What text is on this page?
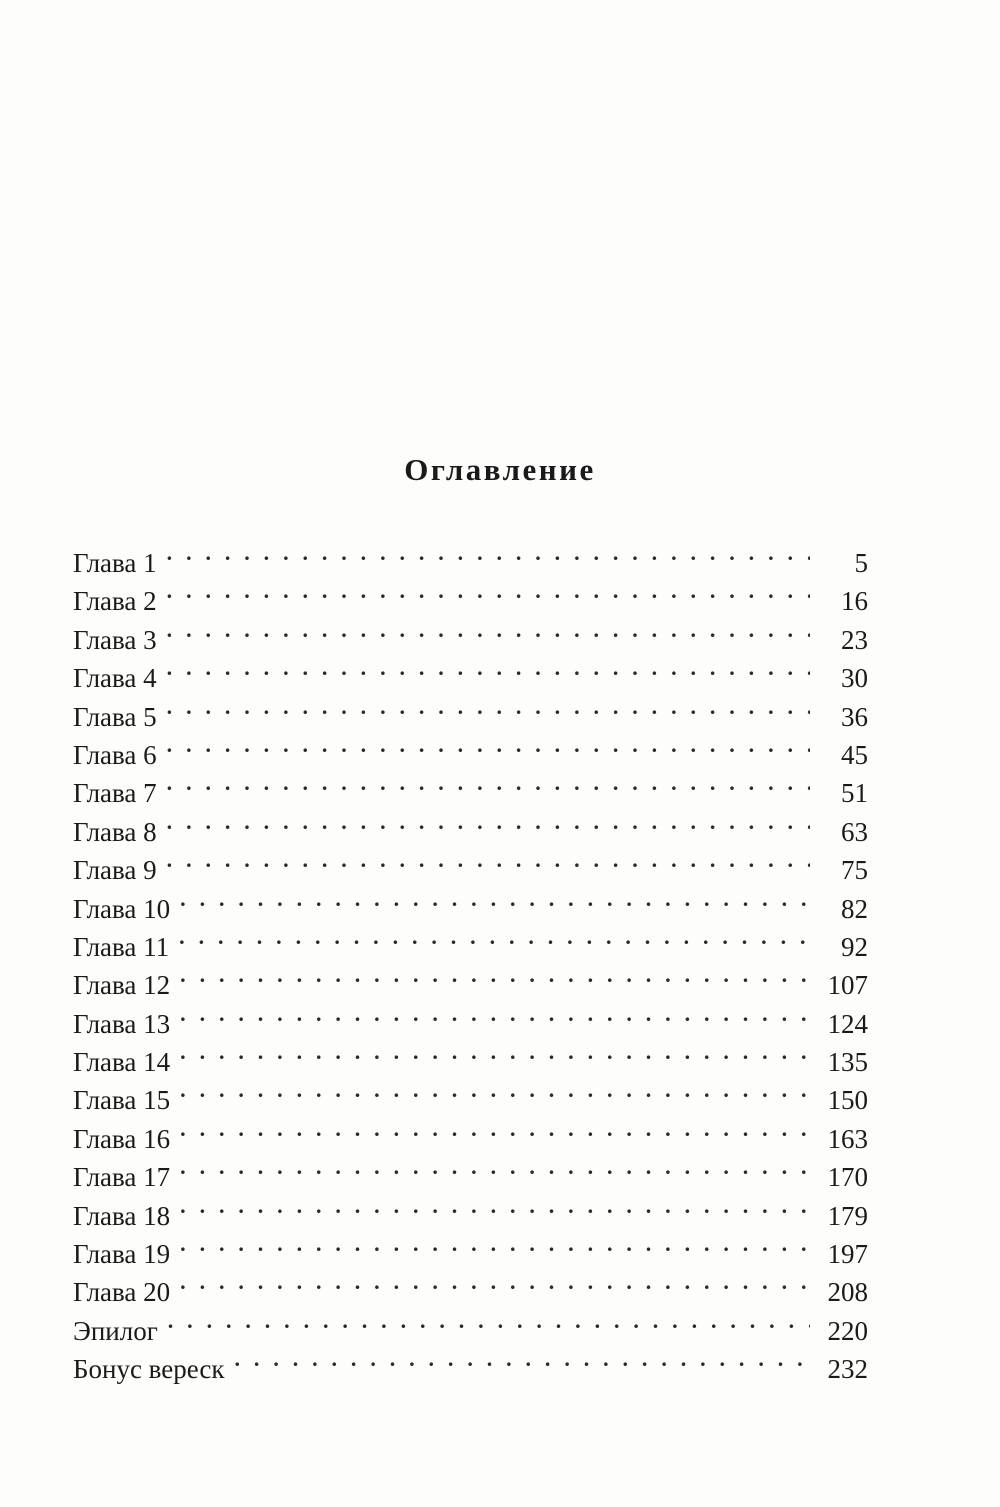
Оглавление
Глава 1 . . .	5
Глава 2 . . .	16
Глава 3 . . .	23
Глава 4 . . .	30
Глава 5 . . .	36
Глава 6 . . .	45
Глава 7 . . .	51
Глава 8 . . .	63
Глава 9 . . .	75
Глава 10 . . .	82
Глава 11 . . .	92
Глава 12 . . .	107
Глава 13 . . .	124
Глава 14 . . .	135
Глава 15 . . .	150
Глава 16 . . .	163
Глава 17 . . .	170
Глава 18 . . .	179
Глава 19 . . .	197
Глава 20 . . .	208
Эпилог . . .	220
Бонус вереск . . .	232
